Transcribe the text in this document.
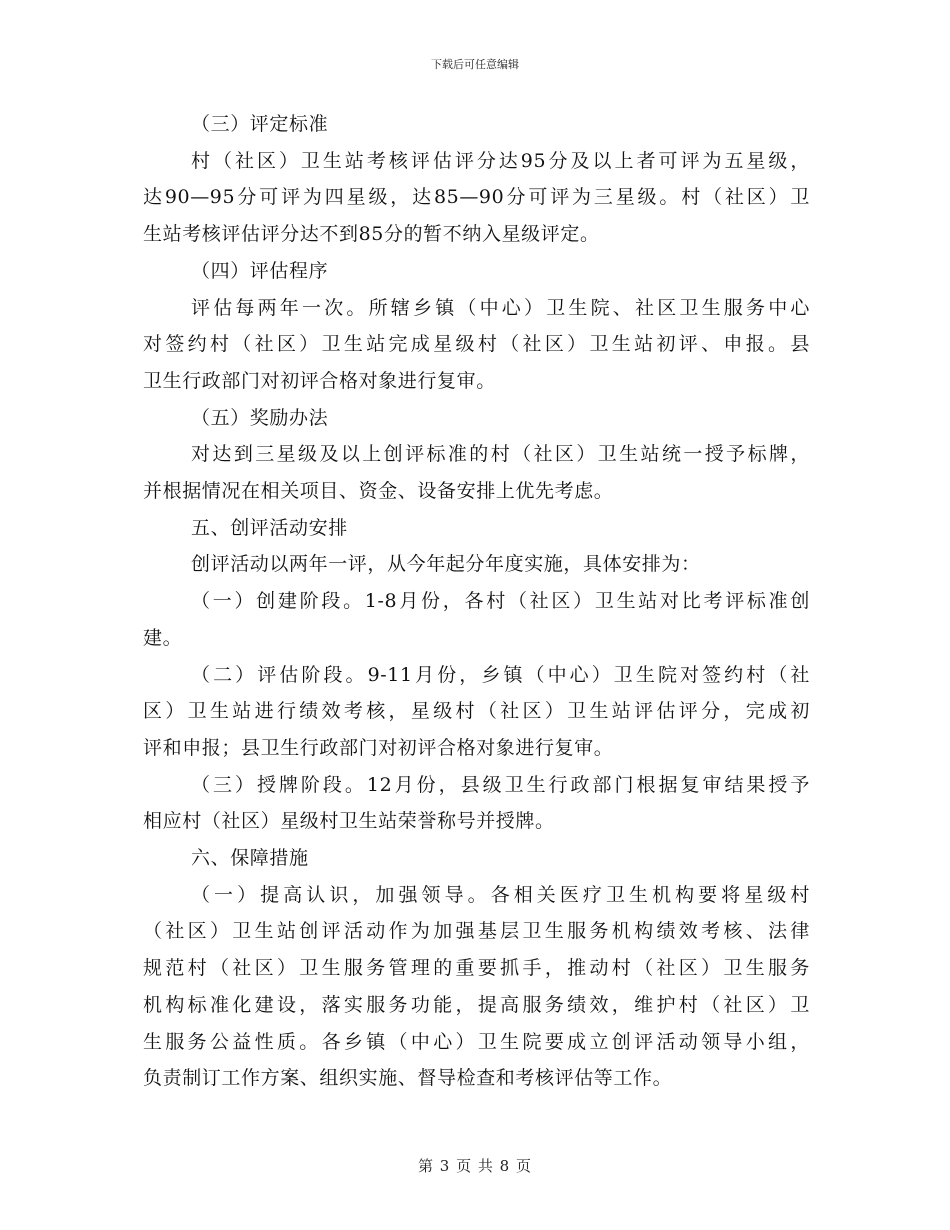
下载后可任意编辑
（三）评定标准
村（社区）卫生站考核评估评分达95分及以上者可评为五星级，
达90—95分可评为四星级，达85—90分可评为三星级。村（社区）卫
生站考核评估评分达不到85分的暂不纳入星级评定。
（四）评估程序
评估每两年一次。所辖乡镇（中心）卫生院、社区卫生服务中心
对签约村（社区）卫生站完成星级村（社区）卫生站初评、申报。县
卫生行政部门对初评合格对象进行复审。
（五）奖励办法
对达到三星级及以上创评标准的村（社区）卫生站统一授予标牌，
并根据情况在相关项目、资金、设备安排上优先考虑。
五、创评活动安排
创评活动以两年一评，从今年起分年度实施，具体安排为：
（一）创建阶段。1-8月份，各村（社区）卫生站对比考评标准创
建。
（二）评估阶段。9-11月份，乡镇（中心）卫生院对签约村（社
区）卫生站进行绩效考核，星级村（社区）卫生站评估评分，完成初
评和申报；县卫生行政部门对初评合格对象进行复审。
（三）授牌阶段。12月份，县级卫生行政部门根据复审结果授予
相应村（社区）星级村卫生站荣誉称号并授牌。
六、保障措施
（一）提高认识，加强领导。各相关医疗卫生机构要将星级村
（社区）卫生站创评活动作为加强基层卫生服务机构绩效考核、法律
规范村（社区）卫生服务管理的重要抓手，推动村（社区）卫生服务
机构标准化建设，落实服务功能，提高服务绩效，维护村（社区）卫
生服务公益性质。各乡镇（中心）卫生院要成立创评活动领导小组，
负责制订工作方案、组织实施、督导检查和考核评估等工作。
第 3 页 共 8 页
